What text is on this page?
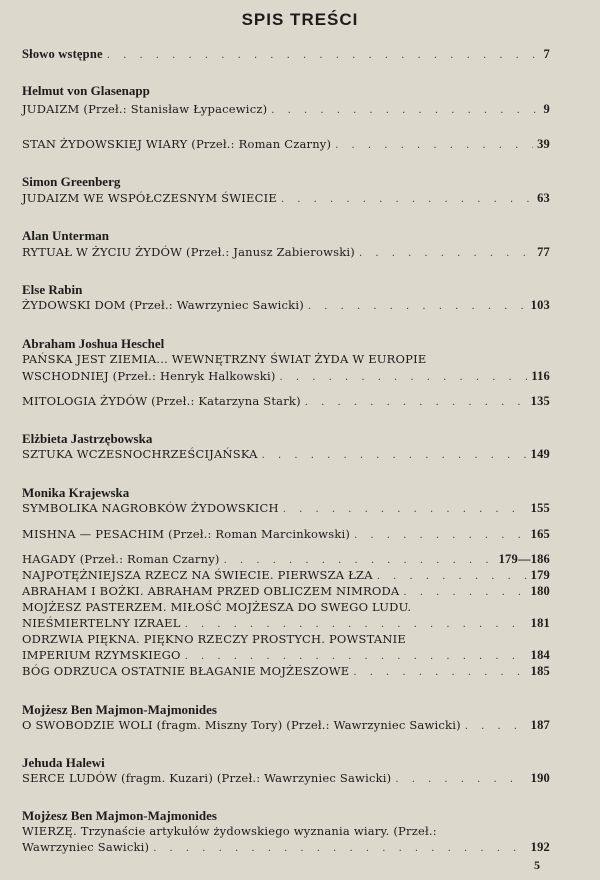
SPIS TREŚCI
Słowo wstępne . . .	7
Helmut von Glasenapp
JUDAIZM (Przeł.: Stanisław Łypacewicz) . . .	9
STAN ŻYDOWSKIEJ WIARY (Przeł.: Roman Czarny) . . .	39
Simon Greenberg
JUDAIZM WE WSPÓŁCZESNYM ŚWIECIE . . .	63
Alan Unterman
RYTUAŁ W ŻYCIU ŻYDÓW (Przeł.: Janusz Zabierowski) . . .	77
Else Rabin
ŻYDOWSKI DOM (Przeł.: Wawrzyniec Sawicki) . . .	103
Abraham Joshua Heschel
PAŃSKA JEST ZIEMIA... WEWNĘTRZNY ŚWIAT ŻYDA W EUROPIE
WSCHODNIEJ (Przeł.: Henryk Halkowski) . . .	116
MITOLOGIA ŻYDÓW (Przeł.: Katarzyna Stark) . . .	135
Elżbieta Jastrzębowska
SZTUKA WCZESNOCHRZEŚCIJAŃSKA . . .	149
Monika Krajewska
SYMBOLIKA NAGROBKÓW ŻYDOWSKICH . . .	155
MISHNA — PESACHIM (Przeł.: Roman Marcinkowski) . . .	165
HAGADY (Przeł.: Roman Czarny) . . .	179—186
NAJPOTĘŻNIEJSZA RZECZ NA ŚWIECIE. PIERWSZA ŁZA . . .	179
ABRAHAM I BOŻKI. ABRAHAM PRZED OBLICZEM NIMRODA . . .	180
MOJŻESZ PASTERZEM. MIŁOŚĆ MOJŻESZA DO SWEGO LUDU.
NIEŚMIERTELNY IZRAEL . . .	181
ODRZWIA PIĘKNA. PIĘKNO RZECZY PROSTYCH. POWSTANIE
IMPERIUM RZYMSKIEGO . . .	184
BÓG ODRZUCA OSTATNIE BŁAGANIE MOJŻESZOWE . . .	185
Mojżesz Ben Majmon-Majmonides
O SWOBODZIE WOLI (fragm. Miszny Tory) (Przeł.: Wawrzyniec Sawicki) . . .	187
Jehuda Halewi
SERCE LUDÓW (fragm. Kuzari) (Przeł.: Wawrzyniec Sawicki) . . .	190
Mojżesz Ben Majmon-Majmonides
WIERZĘ. Trzynaście artykułów żydowskiego wyznania wiary. (Przeł.:
Wawrzyniec Sawicki) . . .	192
5
